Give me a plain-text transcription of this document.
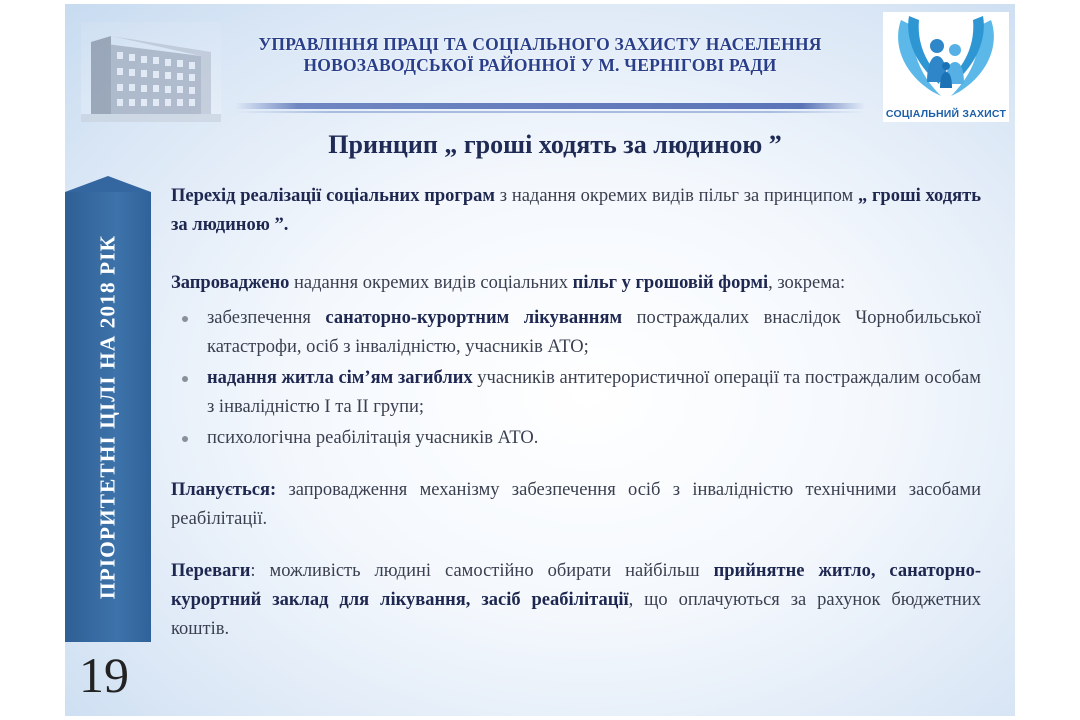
УПРАВЛІННЯ ПРАЦІ ТА СОЦІАЛЬНОГО ЗАХИСТУ НАСЕЛЕННЯ
НОВОЗАВОДСЬКОЇ РАЙОННОЇ У М. ЧЕРНІГОВІ РАДИ
СОЦІАЛЬНИЙ ЗАХИСТ
Принцип „ гроші ходять за людиною ”
ПРІОРИТЕТНІ ЦІЛІ НА 2018 РІК
19

Перехід реалізації соціальних програм з надання окремих видів пільг за принципом „ гроші ходять за людиною ”.

Запроваджено надання окремих видів соціальних пільг у грошовій формі, зокрема:

забезпечення санаторно-курортним лікуванням постраждалих внаслідок Чорнобильської катастрофи, осіб з інвалідністю, учасників АТО;
надання житла сім’ям загиблих учасників антитерористичної операції та постраждалим особам з інвалідністю I та II групи;
психологічна реабілітація учасників АТО.

Планується: запровадження механізму забезпечення осіб з інвалідністю технічними засобами реабілітації.

Переваги: можливість людині самостійно обирати найбільш прийнятне житло, санаторно-курортний заклад для лікування, засіб реабілітації, що оплачуються за рахунок бюджетних коштів.
